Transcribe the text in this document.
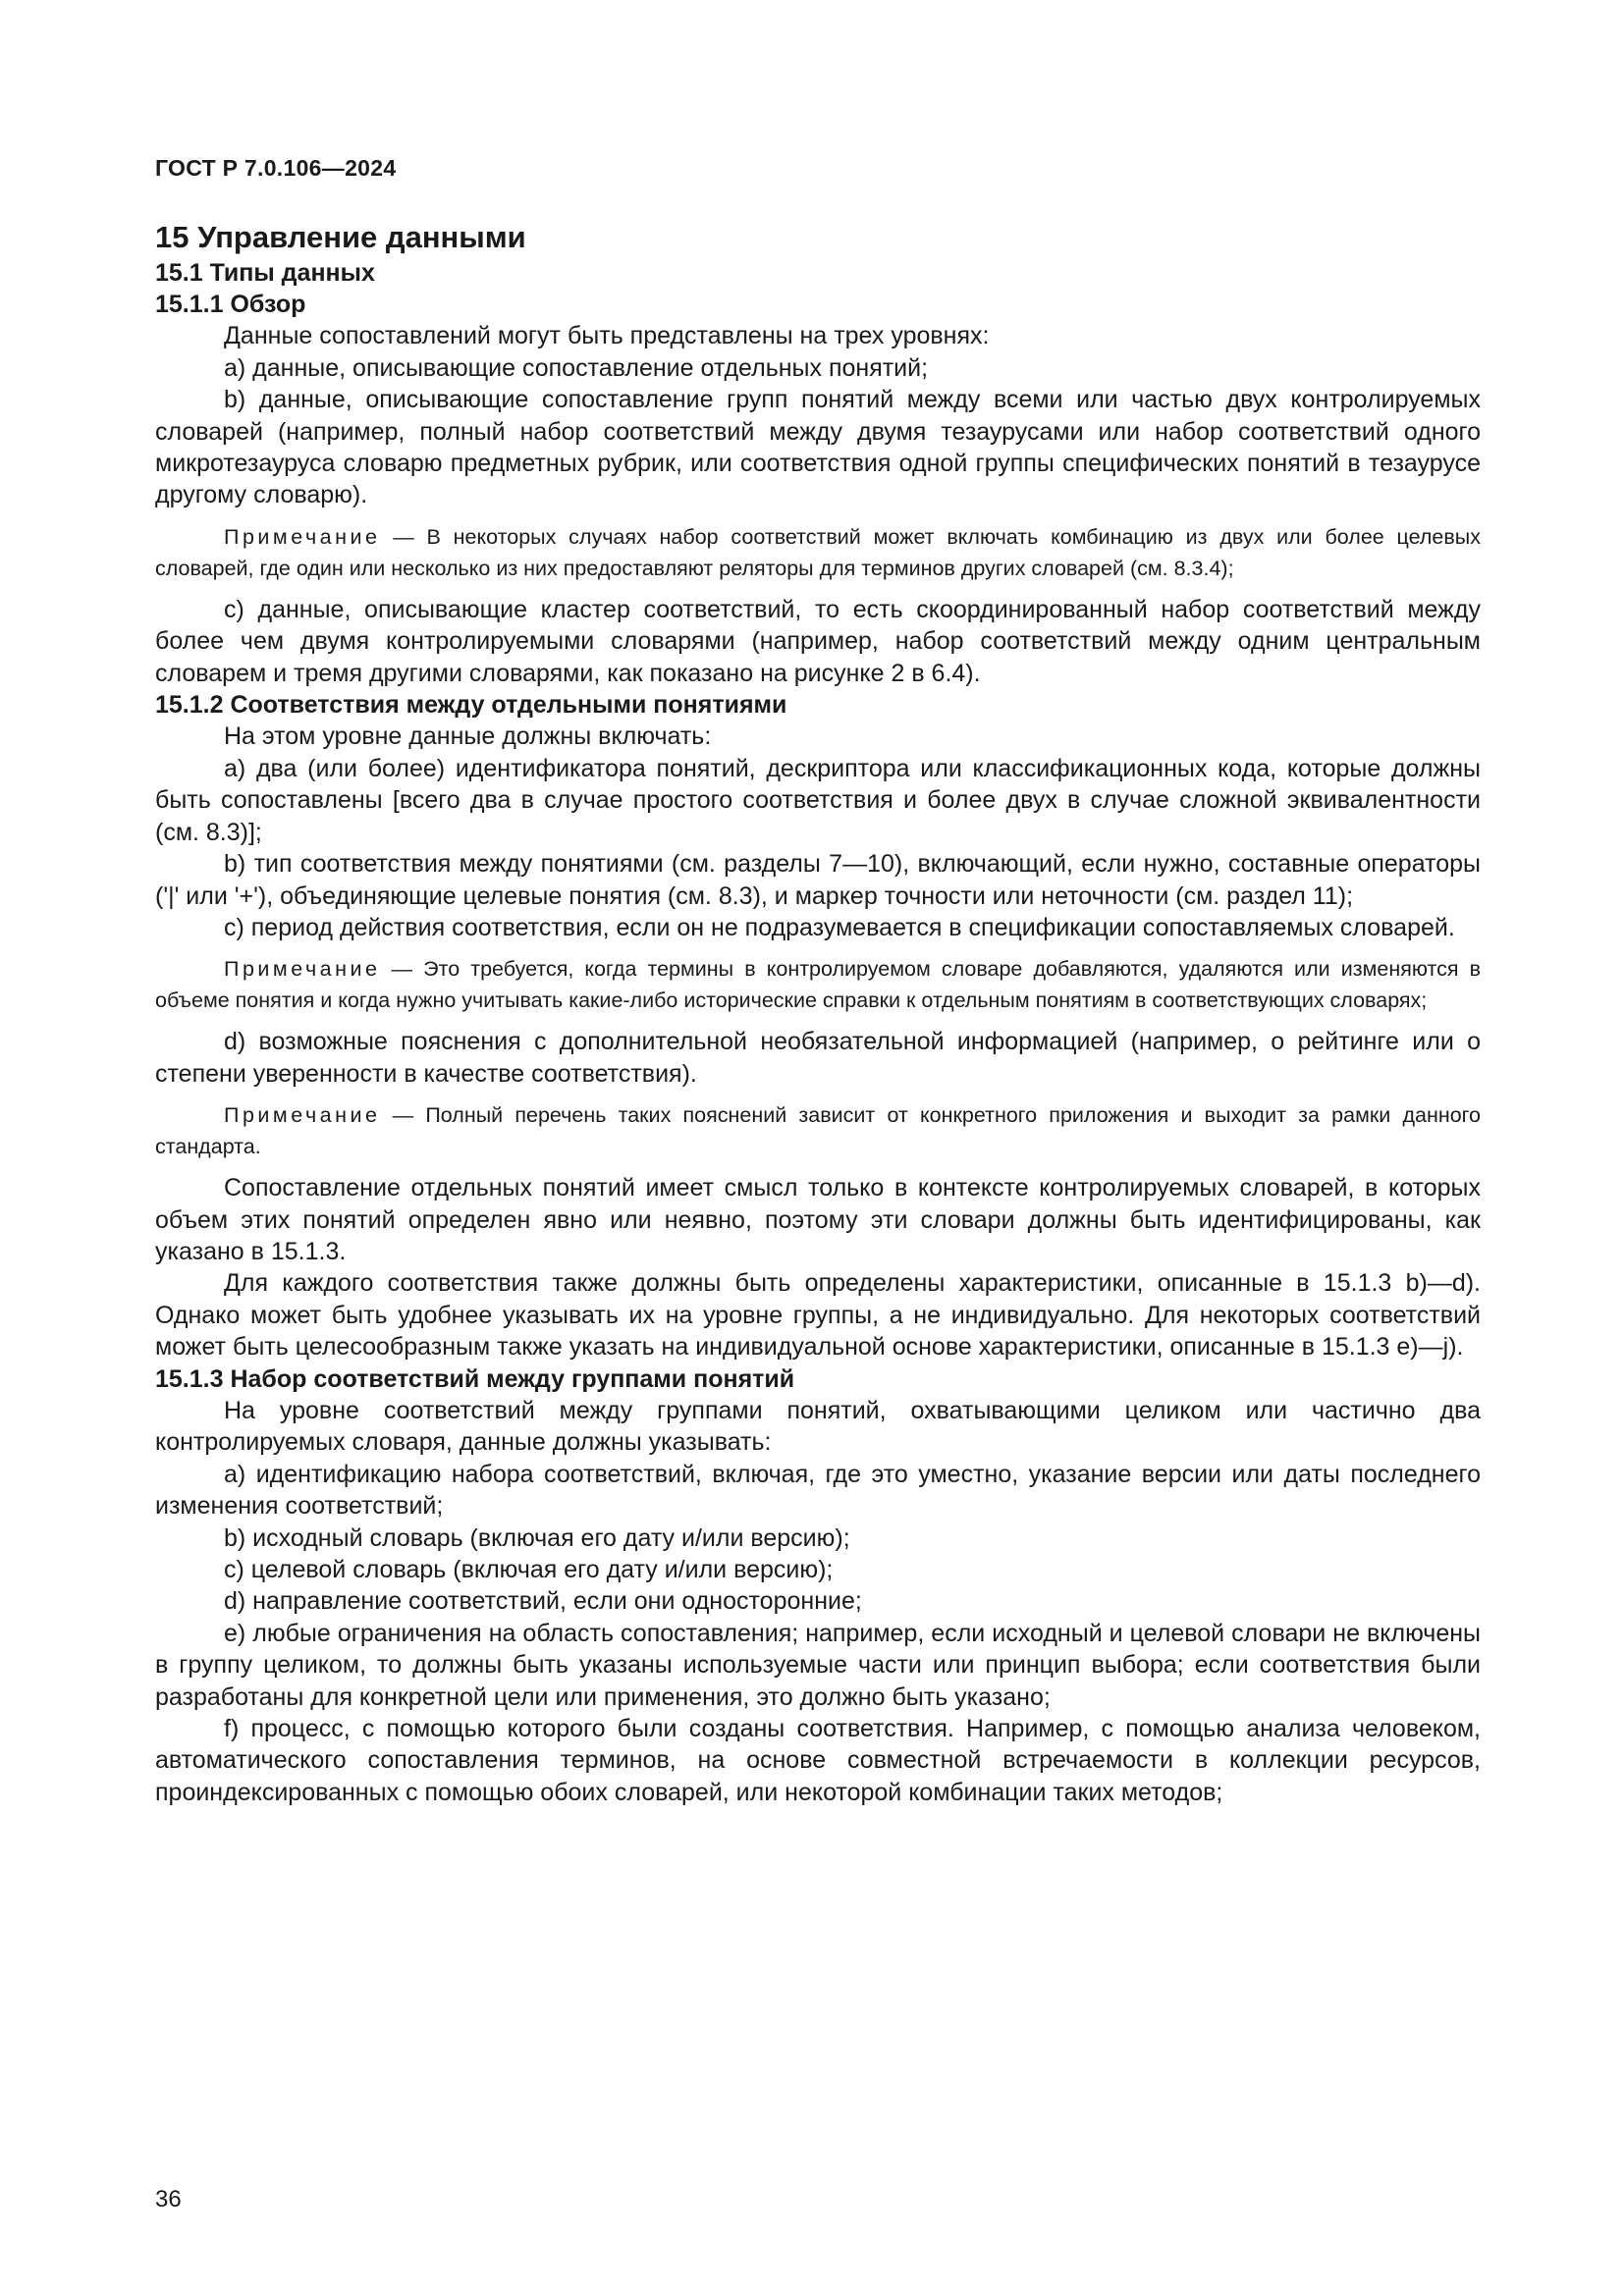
ГОСТ Р 7.0.106—2024

15 Управление данными

15.1 Типы данных

15.1.1 Обзор

Данные сопоставлений могут быть представлены на трех уровнях:

a) данные, описывающие сопоставление отдельных понятий;

b) данные, описывающие сопоставление групп понятий между всеми или частью двух контролируемых словарей (например, полный набор соответствий между двумя тезаурусами или набор соответствий одного микротезауруса словарю предметных рубрик, или соответствия одной группы специфических понятий в тезаурусе другому словарю).

Примечание — В некоторых случаях набор соответствий может включать комбинацию из двух или более целевых словарей, где один или несколько из них предоставляют реляторы для терминов других словарей (см. 8.3.4);

c) данные, описывающие кластер соответствий, то есть скоординированный набор соответствий между более чем двумя контролируемыми словарями (например, набор соответствий между одним центральным словарем и тремя другими словарями, как показано на рисунке 2 в 6.4).

15.1.2 Соответствия между отдельными понятиями

На этом уровне данные должны включать:

a) два (или более) идентификатора понятий, дескриптора или классификационных кода, которые должны быть сопоставлены [всего два в случае простого соответствия и более двух в случае сложной эквивалентности (см. 8.3)];

b) тип соответствия между понятиями (см. разделы 7—10), включающий, если нужно, составные операторы ('|' или '+'), объединяющие целевые понятия (см. 8.3), и маркер точности или неточности (см. раздел 11);

c) период действия соответствия, если он не подразумевается в спецификации сопоставляемых словарей.

Примечание — Это требуется, когда термины в контролируемом словаре добавляются, удаляются или изменяются в объеме понятия и когда нужно учитывать какие-либо исторические справки к отдельным понятиям в соответствующих словарях;

d) возможные пояснения с дополнительной необязательной информацией (например, о рейтинге или о степени уверенности в качестве соответствия).

Примечание — Полный перечень таких пояснений зависит от конкретного приложения и выходит за рамки данного стандарта.

Сопоставление отдельных понятий имеет смысл только в контексте контролируемых словарей, в которых объем этих понятий определен явно или неявно, поэтому эти словари должны быть идентифицированы, как указано в 15.1.3.

Для каждого соответствия также должны быть определены характеристики, описанные в 15.1.3 b)—d). Однако может быть удобнее указывать их на уровне группы, а не индивидуально. Для некоторых соответствий может быть целесообразным также указать на индивидуальной основе характеристики, описанные в 15.1.3 e)—j).

15.1.3 Набор соответствий между группами понятий

На уровне соответствий между группами понятий, охватывающими целиком или частично два контролируемых словаря, данные должны указывать:

a) идентификацию набора соответствий, включая, где это уместно, указание версии или даты последнего изменения соответствий;

b) исходный словарь (включая его дату и/или версию);

c) целевой словарь (включая его дату и/или версию);

d) направление соответствий, если они односторонние;

e) любые ограничения на область сопоставления; например, если исходный и целевой словари не включены в группу целиком, то должны быть указаны используемые части или принцип выбора; если соответствия были разработаны для конкретной цели или применения, это должно быть указано;

f) процесс, с помощью которого были созданы соответствия. Например, с помощью анализа человеком, автоматического сопоставления терминов, на основе совместной встречаемости в коллекции ресурсов, проиндексированных с помощью обоих словарей, или некоторой комбинации таких методов;

36
